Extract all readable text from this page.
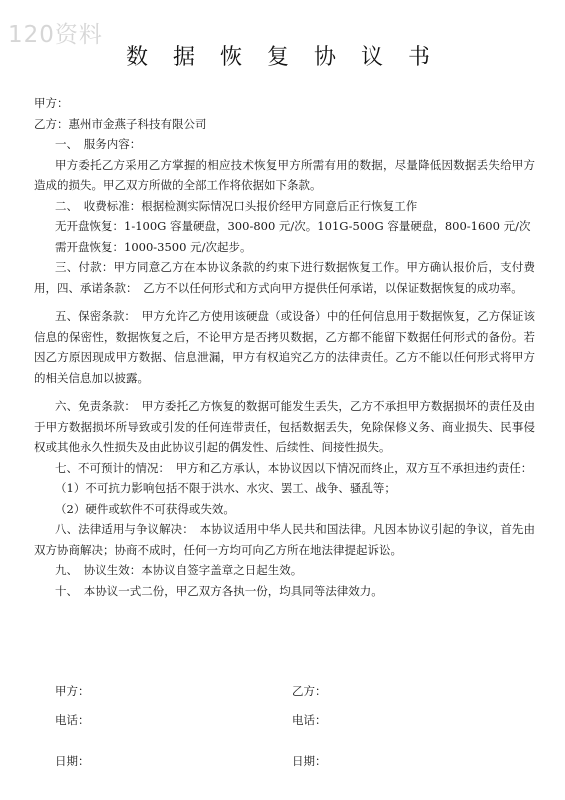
120资料
数 据 恢 复 协 议 书
甲方：
乙方：惠州市金燕子科技有限公司
一、　服务内容：
甲方委托乙方采用乙方掌握的相应技术恢复甲方所需有用的数据，尽量降低因数据丢失给甲方造成的损失。甲乙双方所做的全部工作将依据如下条款。
二、　收费标准：根据检测实际情况口头报价经甲方同意后正行恢复工作
无开盘恢复：1-100G 容量硬盘，300-800 元/次。101G-500G 容量硬盘，800-1600 元/次
需开盘恢复：1000-3500 元/次起步。
三、付款：甲方同意乙方在本协议条款的约束下进行数据恢复工作。甲方确认报价后，支付费用，四、承诺条款：　乙方不以任何形式和方式向甲方提供任何承诺，以保证数据恢复的成功率。
五、保密条款：　甲方允许乙方使用该硬盘（或设备）中的任何信息用于数据恢复，乙方保证该信息的保密性，数据恢复之后，不论甲方是否拷贝数据，乙方都不能留下数据任何形式的备份。若因乙方原因现成甲方数据、信息泄漏，甲方有权追究乙方的法律责任。乙方不能以任何形式将甲方的相关信息加以披露。
六、免责条款：　甲方委托乙方恢复的数据可能发生丢失，乙方不承担甲方数据损坏的责任及由于甲方数据损坏所导致或引发的任何连带责任，包括数据丢失，免除保修义务、商业损失、民事侵权或其他永久性损失及由此协议引起的偶发性、后续性、间接性损失。
七、不可预计的情况：　甲方和乙方承认，本协议因以下情况而终止，双方互不承担违约责任：
（1）不可抗力影响包括不限于洪水、水灾、罢工、战争、骚乱等；
（2）硬件或软件不可获得或失效。
八、法律适用与争议解决：　本协议适用中华人民共和国法律。凡因本协议引起的争议，首先由双方协商解决；协商不成时，任何一方均可向乙方所在地法律提起诉讼。
九、　协议生效：本协议自签字盖章之日起生效。
十、　本协议一式二份，甲乙双方各执一份，均具同等法律效力。
甲方：
电话：
日期：
乙方：
电话：
日期：
